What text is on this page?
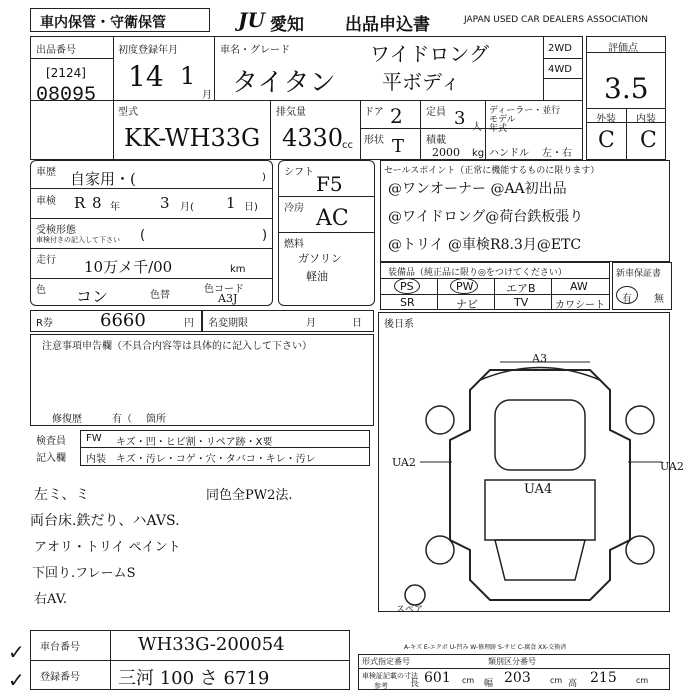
車内保管・守衛保管	JU 愛知 出品申込書	JAPAN USED CAR DEALERS ASSOCIATION
出品番号
[2124]
08095
初度登録年月
14 1
月
車名・グレード
タイタン
ワイドロング
平ボディ
2WD
4WD
型式
KK-WH33G
排気量
4330
cc
ドア 2 定員 3 人
ディーラー・並行
モデル年式
形状 T 積載
2000 kg ハンドル 左・右
評価点
3.5
外装 内装
C C
車歴 自家用・(	)
車検 R 8 年	3 月( 1 日)
受検形態
車検付きの記入して下さい (	)
走行 10万メ千/00	km
色 コン	色替
色コード
A3J
シフト F5
冷房 AC
燃料
ガソリン
軽油
セールスポイント（正常に機能するものに限ります）
@ワンオーナー @AA初出品
@ワイドロング@荷台鉄板張り
@トリイ @車検R8.3月@ETC
装備品（純正品に限り◎をつけてください）
PS	PW	エアB	AW
SR	ナビ	TV	カワシート
新車保証書
有 無
R券	6660	円 名変期限	月	日
注意事項申告欄（不具合内容等は具体的に記入して下さい）
修復歴	有（ 箇所
検査員
記入欄
FW キズ・凹・ヒビ割・リペア跡・X要
内装 キズ・汚レ・コゲ・穴・タバコ・キレ・汚レ
左ミ、ミ	同色全PW2法.
両台床.鉄だり、ハAVS.
アオリ・トリイ ペイント
下回り.フレームS
右AV.
後日系
A3
UA2	UA2
UA4
スペア
A-キズ E-エクボ U-凹み W-修理跡 S-サビ C-腐食 XX-交換済
車台番号	WH33G-200054
登録番号 三河 100 さ 6719
形式指定番号	類別区分番号
車検証記載の寸法
参考 長 601 cm 幅 203 cm 高 215 cm
✓
✓
